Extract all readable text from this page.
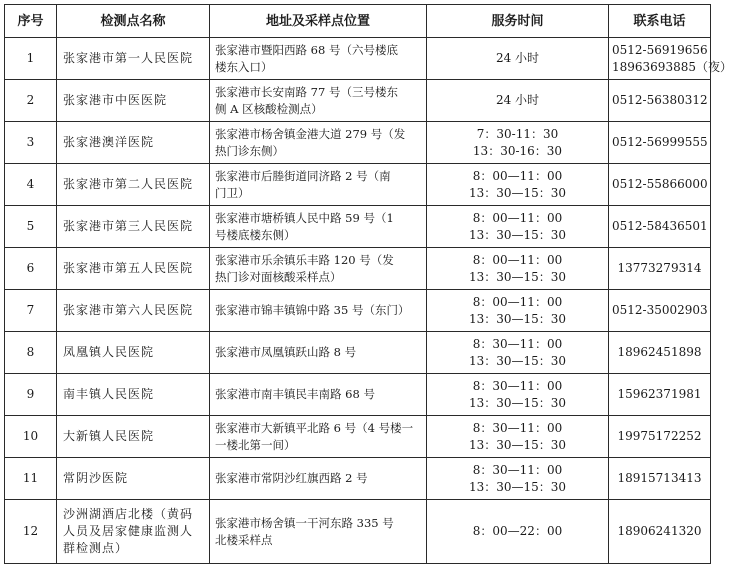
序号	检测点名称	地址及采样点位置	服务时间	联系电话
1	张家港市第一人民医院	张家港市暨阳西路 68 号（六号楼底
楼东入口）	24 小时	0512-56919656
18963693885（夜）

2	张家港市中医医院	张家港市长安南路 77 号（三号楼东
侧 A 区核酸检测点）	24 小时	0512-56380312

3	张家港澳洋医院	张家港市杨舍镇金港大道 279 号（发
热门诊东侧）	7：30-11：30
13：30-16：30	0512-56999555

4	张家港市第二人民医院	张家港市后塍街道同济路 2 号（南
门卫）	8：00—11：00
13：30—15：30	0512-55866000

5	张家港市第三人民医院	张家港市塘桥镇人民中路 59 号（1
号楼底楼东侧）	8：00—11：00
13：30—15：30	0512-58436501

6	张家港市第五人民医院	张家港市乐余镇乐丰路 120 号（发
热门诊对面核酸采样点）	8：00—11：00
13：30—15：30	13773279314

7	张家港市第六人民医院	张家港市锦丰镇锦中路 35 号（东门）	8：00—11：00
13：30—15：30	0512-35002903

8	凤凰镇人民医院	张家港市凤凰镇跃山路 8 号	8：30—11：00
13：30—15：30	18962451898

9	南丰镇人民医院	张家港市南丰镇民丰南路 68 号	8：30—11：00
13：30—15：30	15962371981

10	大新镇人民医院	张家港市大新镇平北路 6 号（4 号楼一
一楼北第一间）	8：30—11：00
13：30—15：30	19975172252

11	常阴沙医院	张家港市常阴沙红旗西路 2 号	8：30—11：00
13：30—15：30	18915713413

12	沙洲湖酒店北楼（黄码
人员及居家健康监测人
群检测点）	张家港市杨舍镇一干河东路 335 号
北楼采样点	8：00—22：00	18906241320
